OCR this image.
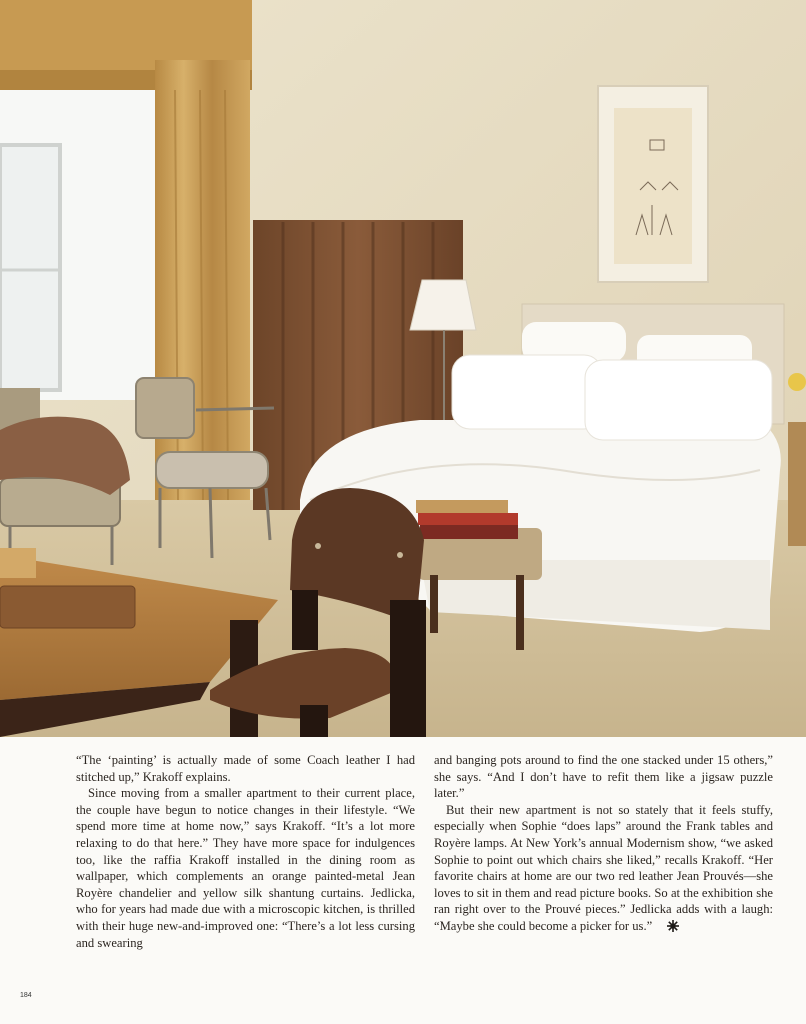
“The ‘painting’ is actually made of some Coach leather I had stitched up,” Krakoff explains.

Since moving from a smaller apartment to their current place, the couple have begun to notice changes in their lifestyle. “We spend more time at home now,” says Krakoff. “It’s a lot more relaxing to do that here.” They have more space for indulgences too, like the raffia Krakoff installed in the dining room as wallpaper, which complements an orange painted-metal Jean Royère chandelier and yellow silk shantung curtains. Jedlicka, who for years had made due with a microscopic kitchen, is thrilled with their huge new-and-improved one: “There’s a lot less cursing and swearing

and banging pots around to find the one stacked under 15 others,” she says. “And I don’t have to refit them like a jigsaw puzzle later.”

But their new apartment is not so stately that it feels stuffy, especially when Sophie “does laps” around the Frank tables and Royère lamps. At New York’s annual Modernism show, “we asked Sophie to point out which chairs she liked,” recalls Krakoff. “Her favorite chairs at home are our two red leather Jean Prouvés—she loves to sit in them and read picture books. So at the exhibition she ran right over to the Prouvé pieces.” Jedlicka adds with a laugh: “Maybe she could become a picker for us.”

184
